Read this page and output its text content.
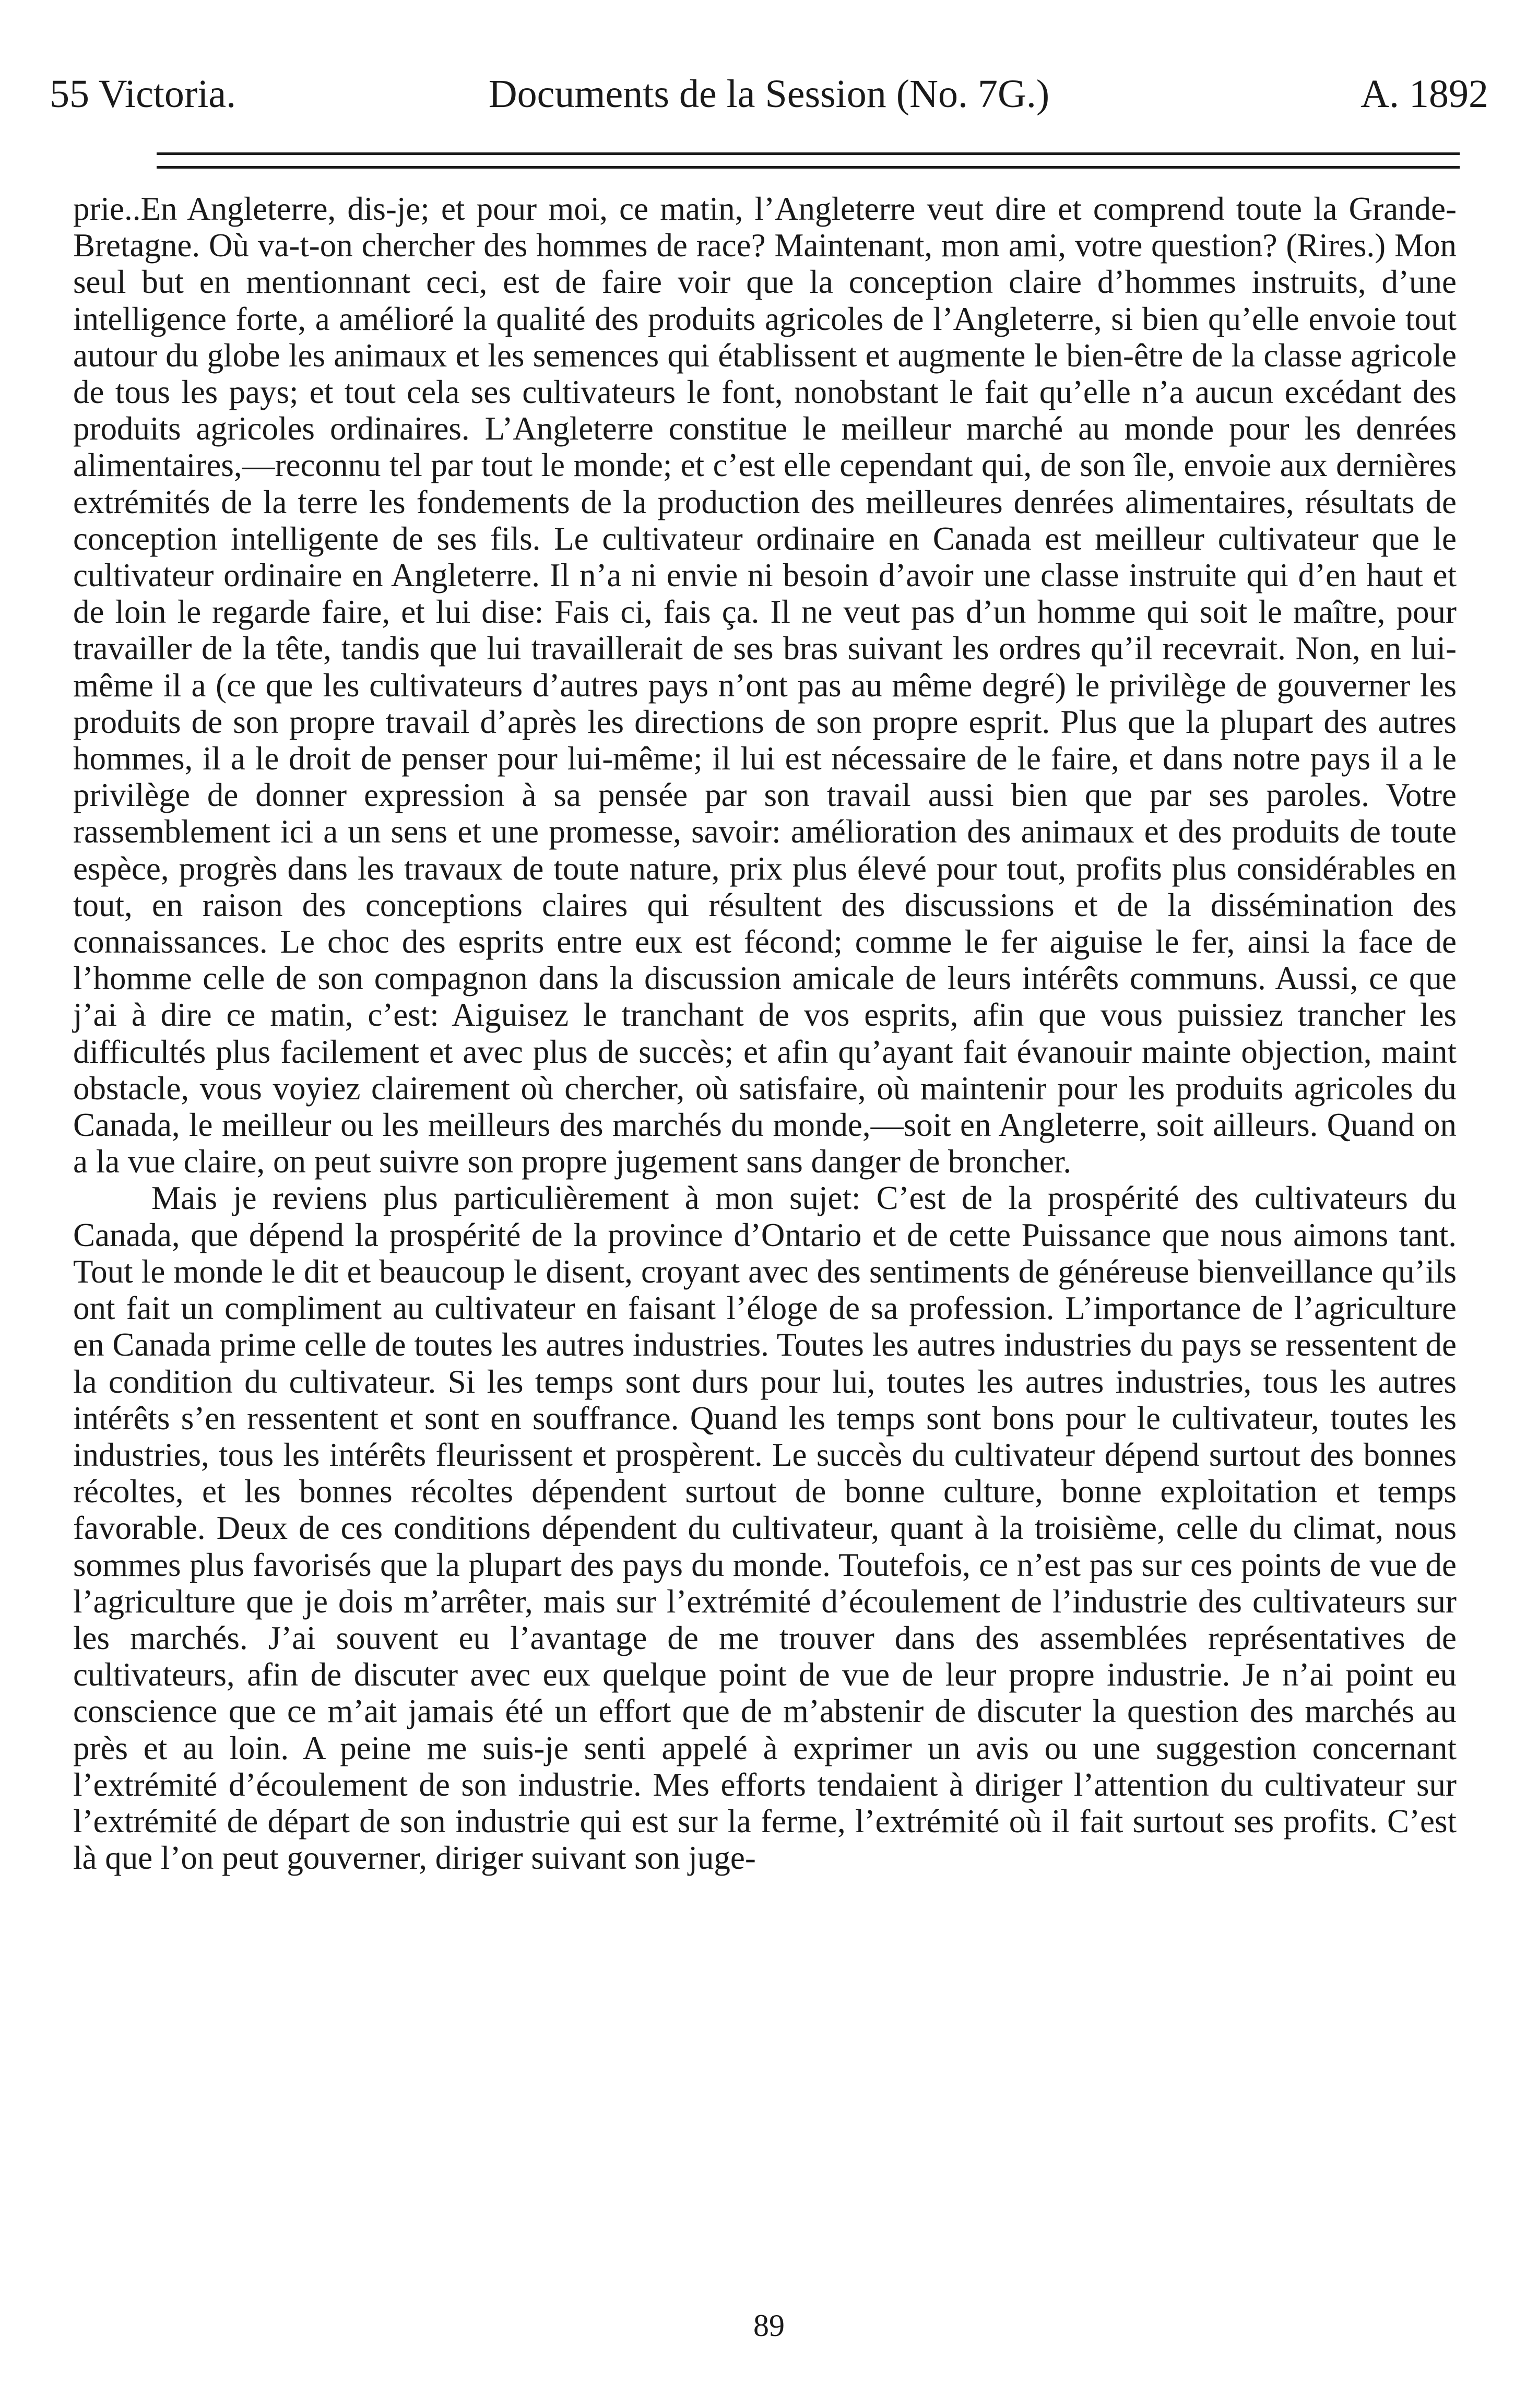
55 Victoria.	Documents de la Session (No. 7G.)	A. 1892

prie..En Angleterre, dis-je; et pour moi, ce matin, l’Angleterre veut dire et comprend toute la Grande-Bretagne. Où va-t-on chercher des hommes de race? Maintenant, mon ami, votre question? (Rires.) Mon seul but en mentionnant ceci, est de faire voir que la conception claire d’hommes instruits, d’une intelligence forte, a amélioré la qualité des produits agricoles de l’Angleterre, si bien qu’elle envoie tout autour du globe les animaux et les semences qui établissent et augmente le bien-être de la classe agricole de tous les pays; et tout cela ses cultivateurs le font, nonobstant le fait qu’elle n’a aucun excédant des produits agricoles ordinaires. L’Angleterre constitue le meilleur marché au monde pour les denrées alimentaires,—reconnu tel par tout le monde; et c’est elle cependant qui, de son île, envoie aux dernières extrémités de la terre les fondements de la production des meilleures denrées alimentaires, résultats de conception intelligente de ses fils. Le cultivateur ordinaire en Canada est meilleur cultivateur que le cultivateur ordinaire en Angleterre. Il n’a ni envie ni besoin d’avoir une classe instruite qui d’en haut et de loin le regarde faire, et lui dise: Fais ci, fais ça. Il ne veut pas d’un homme qui soit le maître, pour travailler de la tête, tandis que lui travaillerait de ses bras suivant les ordres qu’il recevrait. Non, en lui-même il a (ce que les cultivateurs d’autres pays n’ont pas au même degré) le privilège de gouverner les produits de son propre travail d’après les directions de son propre esprit. Plus que la plupart des autres hommes, il a le droit de penser pour lui-même; il lui est nécessaire de le faire, et dans notre pays il a le privilège de donner expression à sa pensée par son travail aussi bien que par ses paroles. Votre rassemblement ici a un sens et une promesse, savoir: amélioration des animaux et des produits de toute espèce, progrès dans les travaux de toute nature, prix plus élevé pour tout, profits plus considérables en tout, en raison des conceptions claires qui résultent des discussions et de la dissémination des connaissances. Le choc des esprits entre eux est fécond; comme le fer aiguise le fer, ainsi la face de l’homme celle de son compagnon dans la discussion amicale de leurs intérêts communs. Aussi, ce que j’ai à dire ce matin, c’est: Aiguisez le tranchant de vos esprits, afin que vous puissiez trancher les difficultés plus facilement et avec plus de succès; et afin qu’ayant fait évanouir mainte objection, maint obstacle, vous voyiez clairement où chercher, où satisfaire, où maintenir pour les produits agricoles du Canada, le meilleur ou les meilleurs des marchés du monde,—soit en Angleterre, soit ailleurs. Quand on a la vue claire, on peut suivre son propre jugement sans danger de broncher.

Mais je reviens plus particulièrement à mon sujet: C’est de la prospérité des cultivateurs du Canada, que dépend la prospérité de la province d’Ontario et de cette Puissance que nous aimons tant. Tout le monde le dit et beaucoup le disent, croyant avec des sentiments de généreuse bienveillance qu’ils ont fait un compliment au cultivateur en faisant l’éloge de sa profession. L’importance de l’agriculture en Canada prime celle de toutes les autres industries. Toutes les autres industries du pays se ressentent de la condition du cultivateur. Si les temps sont durs pour lui, toutes les autres industries, tous les autres intérêts s’en ressentent et sont en souffrance. Quand les temps sont bons pour le cultivateur, toutes les industries, tous les intérêts fleurissent et prospèrent. Le succès du cultivateur dépend surtout des bonnes récoltes, et les bonnes récoltes dépendent surtout de bonne culture, bonne exploitation et temps favorable. Deux de ces conditions dépendent du cultivateur, quant à la troisième, celle du climat, nous sommes plus favorisés que la plupart des pays du monde. Toutefois, ce n’est pas sur ces points de vue de l’agriculture que je dois m’arrêter, mais sur l’extrémité d’écoulement de l’industrie des cultivateurs sur les marchés. J’ai souvent eu l’avantage de me trouver dans des assemblées représentatives de cultivateurs, afin de discuter avec eux quelque point de vue de leur propre industrie. Je n’ai point eu conscience que ce m’ait jamais été un effort que de m’abstenir de discuter la question des marchés au près et au loin. A peine me suis-je senti appelé à exprimer un avis ou une suggestion concernant l’extrémité d’écoulement de son industrie. Mes efforts tendaient à diriger l’attention du cultivateur sur l’extrémité de départ de son industrie qui est sur la ferme, l’extrémité où il fait surtout ses profits. C’est là que l’on peut gouverner, diriger suivant son juge-

89
